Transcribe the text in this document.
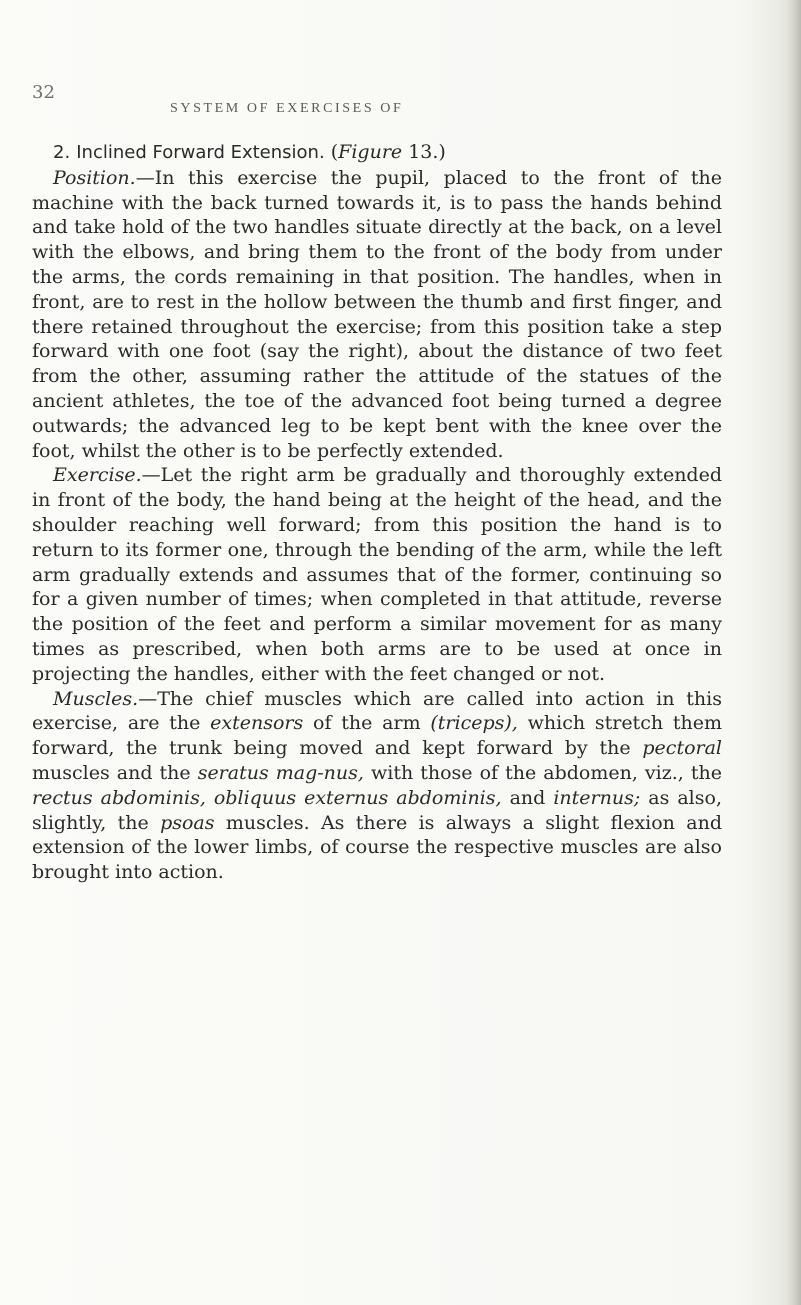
32
SYSTEM OF EXERCISES OF

2. Inclined Forward Extension. (Figure 13.)

Position.—In this exercise the pupil, placed to the front of the machine with the back turned towards it, is to pass the hands behind and take hold of the two handles situate directly at the back, on a level with the elbows, and bring them to the front of the body from under the arms, the cords remaining in that position. The handles, when in front, are to rest in the hollow between the thumb and first finger, and there retained throughout the exercise; from this position take a step forward with one foot (say the right), about the distance of two feet from the other, assuming rather the attitude of the statues of the ancient athletes, the toe of the advanced foot being turned a degree outwards; the advanced leg to be kept bent with the knee over the foot, whilst the other is to be perfectly extended.

Exercise.—Let the right arm be gradually and thoroughly extended in front of the body, the hand being at the height of the head, and the shoulder reaching well forward; from this position the hand is to return to its former one, through the bending of the arm, while the left arm gradually extends and assumes that of the former, continuing so for a given number of times; when completed in that attitude, reverse the position of the feet and perform a similar movement for as many times as prescribed, when both arms are to be used at once in projecting the handles, either with the feet changed or not.

Muscles.—The chief muscles which are called into action in this exercise, are the extensors of the arm (triceps), which stretch them forward, the trunk being moved and kept forward by the pectoral muscles and the seratus mag-nus, with those of the abdomen, viz., the rectus abdominis, obliquus externus abdominis, and internus; as also, slightly, the psoas muscles. As there is always a slight flexion and extension of the lower limbs, of course the respective muscles are also brought into action.
